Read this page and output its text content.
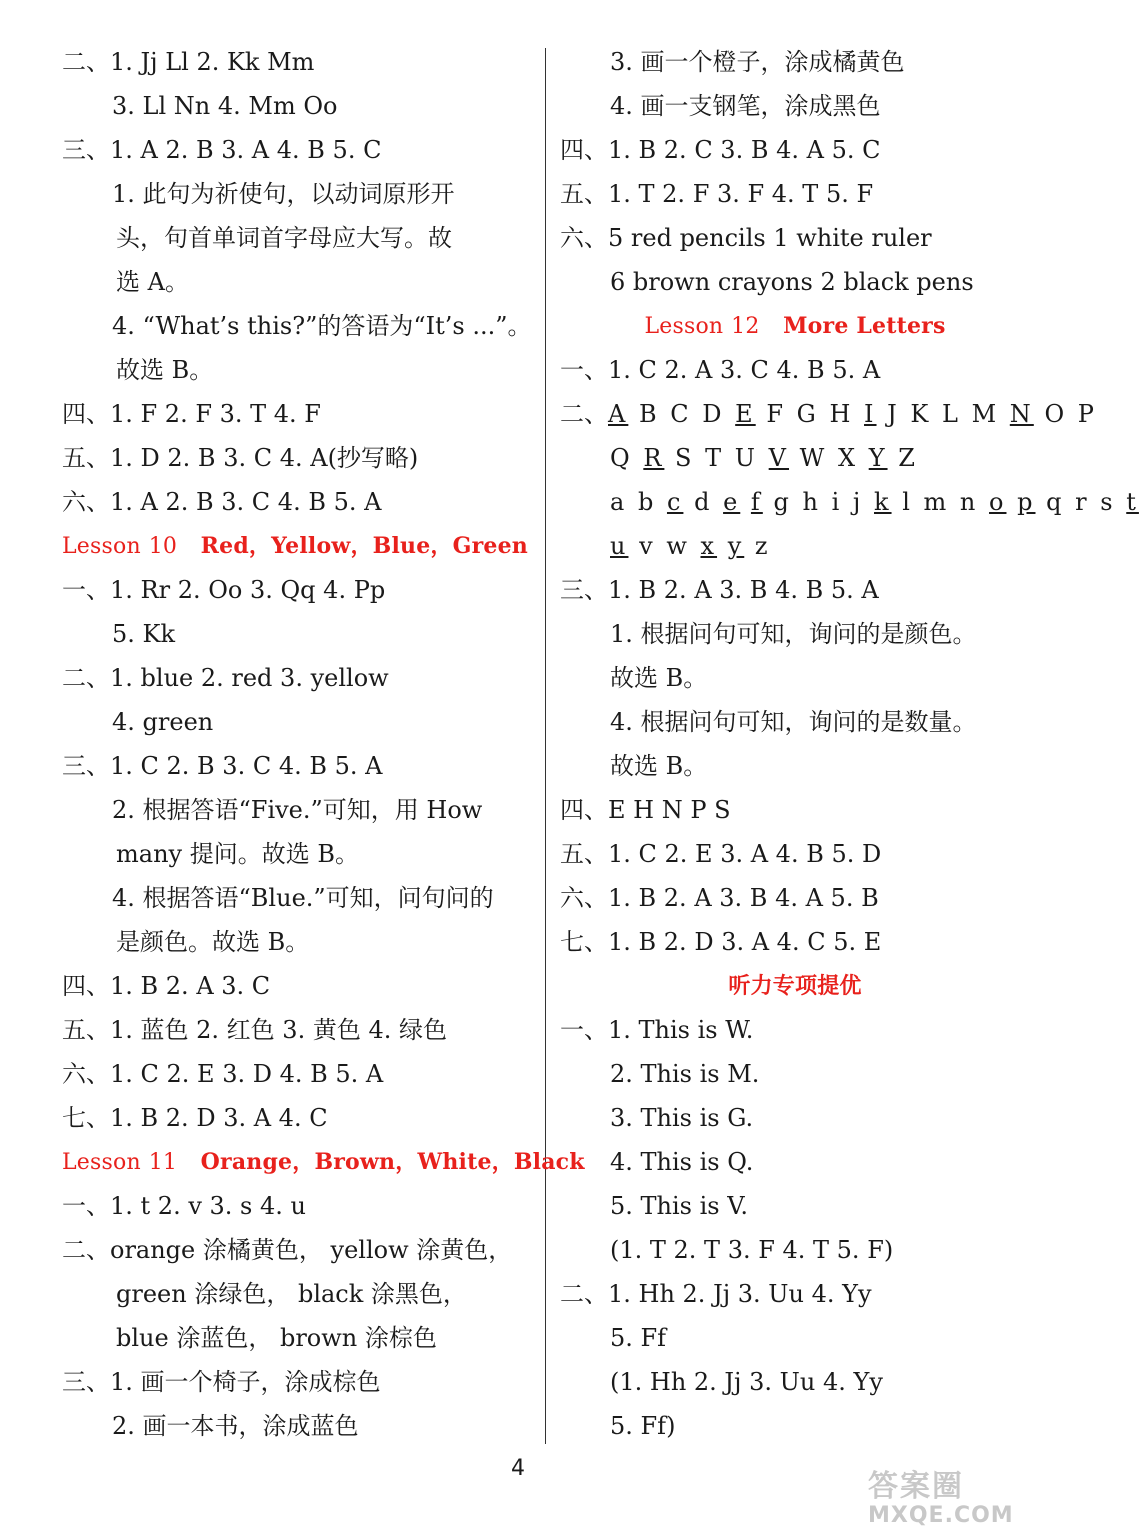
二、1. Jj Ll 2. Kk Mm
3. Ll Nn 4. Mm Oo
三、1. A 2. B 3. A 4. B 5. C
1. 此句为祈使句，以动词原形开
头，句首单词首字母应大写。故
选 A。
4. “What’s this?”的答语为“It’s ...”。
故选 B。
四、1. F 2. F 3. T 4. F
五、1. D 2. B 3. C 4. A(抄写略)
六、1. A 2. B 3. C 4. B 5. A
Lesson 10 Red，Yellow，Blue，Green
一、1. Rr 2. Oo 3. Qq 4. Pp
5. Kk
二、1. blue 2. red 3. yellow
4. green
三、1. C 2. B 3. C 4. B 5. A
2. 根据答语“Five.”可知，用 How
many 提问。故选 B。
4. 根据答语“Blue.”可知，问句问的
是颜色。故选 B。
四、1. B 2. A 3. C
五、1. 蓝色 2. 红色 3. 黄色 4. 绿色
六、1. C 2. E 3. D 4. B 5. A
七、1. B 2. D 3. A 4. C
Lesson 11 Orange，Brown，White，Black
一、1. t 2. v 3. s 4. u
二、orange 涂橘黄色， yellow 涂黄色，
green 涂绿色， black 涂黑色，
blue 涂蓝色， brown 涂棕色
三、1. 画一个椅子，涂成棕色
2. 画一本书，涂成蓝色
3. 画一个橙子，涂成橘黄色
4. 画一支钢笔，涂成黑色
四、1. B 2. C 3. B 4. A 5. C
五、1. T 2. F 3. F 4. T 5. F
六、5 red pencils 1 white ruler
6 brown crayons 2 black pens
Lesson 12 More Letters
一、1. C 2. A 3. C 4. B 5. A
二、A B C D E F G H I J K L M N O P
Q R S T U V W X Y Z
a b c d e f g h i j k l m n o p q r s t
u v w x y z
三、1. B 2. A 3. B 4. B 5. A
1. 根据问句可知，询问的是颜色。
故选 B。
4. 根据问句可知，询问的是数量。
故选 B。
四、E H N P S
五、1. C 2. E 3. A 4. B 5. D
六、1. B 2. A 3. B 4. A 5. B
七、1. B 2. D 3. A 4. C 5. E
听力专项提优
一、1. This is W.
2. This is M.
3. This is G.
4. This is Q.
5. This is V.
(1. T 2. T 3. F 4. T 5. F)
二、1. Hh 2. Jj 3. Uu 4. Yy
5. Ff
(1. Hh 2. Jj 3. Uu 4. Yy
5. Ff)
4
答案圈
MXQE.COM
